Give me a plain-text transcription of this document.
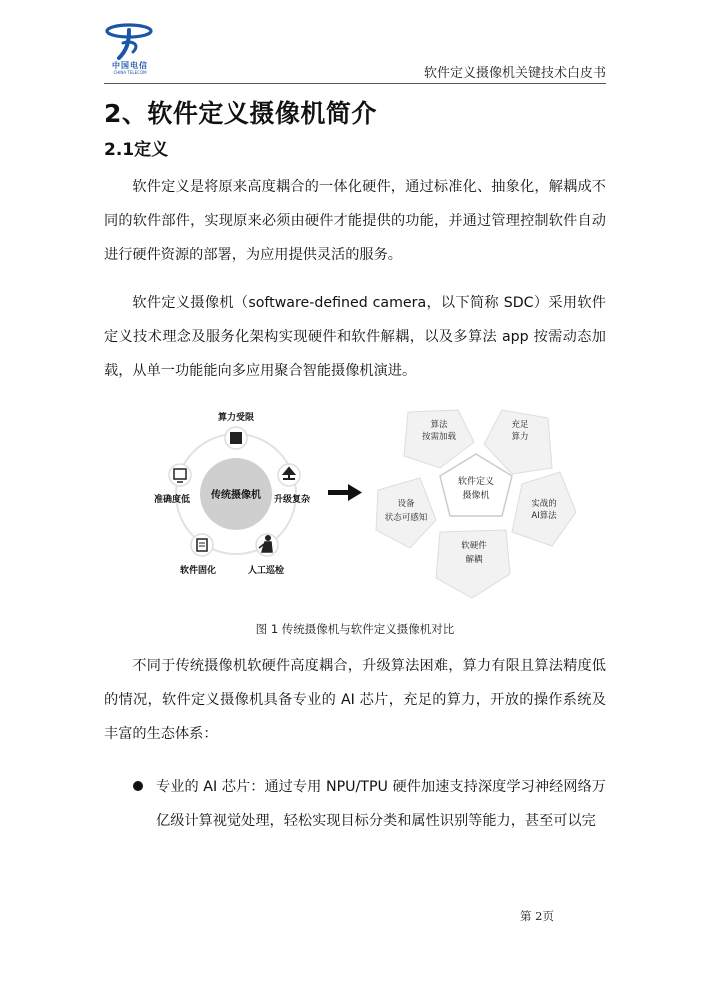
中国电信
CHINA TELECOM	软件定义摄像机关键技术白皮书
2、软件定义摄像机简介
2.1定义

软件定义是将原来高度耦合的一体化硬件，通过标准化、抽象化，解耦成不同的软件部件，实现原来必须由硬件才能提供的功能，并通过管理控制软件自动进行硬件资源的部署，为应用提供灵活的服务。

软件定义摄像机（software-defined camera，以下简称 SDC）采用软件定义技术理念及服务化架构实现硬件和软件解耦，以及多算法 app 按需动态加载，从单一功能能向多应用聚合智能摄像机演进。

传统摄像机
算力受限
升级复杂
人工巡检
软件固化
准确度低
算法
按需加载
充足
算力
实战的
AI算法
软硬件
解耦
设备
状态可感知
软件定义
摄像机
图 1 传统摄像机与软件定义摄像机对比

不同于传统摄像机软硬件高度耦合，升级算法困难，算力有限且算法精度低的情况，软件定义摄像机具备专业的 AI 芯片，充足的算力，开放的操作系统及丰富的生态体系：

专业的 AI 芯片：通过专用 NPU/TPU 硬件加速支持深度学习神经网络万亿级计算视觉处理，轻松实现目标分类和属性识别等能力，甚至可以完

第 2页
